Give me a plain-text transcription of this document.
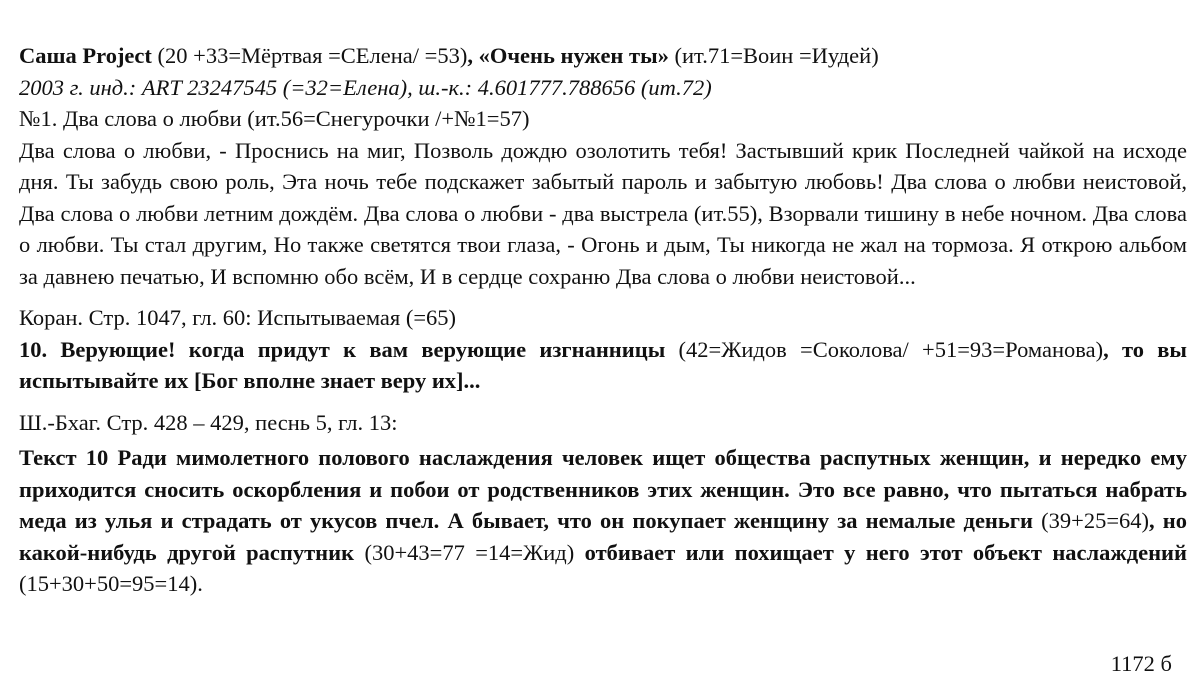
Саша Project (20 +33=Мёртвая =СЕлена/ =53), «Очень нужен ты» (ит.71=Воин =Иудей)

2003 г. инд.: ART 23247545 (=32=Елена), ш.-к.: 4.601777.788656 (ит.72)

№1. Два слова о любви (ит.56=Снегурочки /+№1=57)

Два слова о любви, - Проснись на миг, Позволь дождю озолотить тебя! Застывший крик Последней чайкой на исходе дня. Ты забудь свою роль, Эта ночь тебе подскажет забытый пароль и забытую любовь! Два слова о любви неистовой, Два слова о любви летним дождём. Два слова о любви - два выстрела (ит.55), Взорвали тишину в небе ночном. Два слова о любви. Ты стал другим, Но также светятся твои глаза, - Огонь и дым, Ты никогда не жал на тормоза. Я открою альбом за давнею печатью, И вспомню обо всём, И в сердце сохраню Два слова о любви неистовой...

Коран. Стр. 1047, гл. 60: Испытываемая (=65)

10. Верующие! когда придут к вам верующие изгнанницы (42=Жидов =Соколова/ +51=93=Романова), то вы испытывайте их [Бог вполне знает веру их]...

Ш.-Бхаг. Стр. 428 – 429, песнь 5, гл. 13:

Текст 10 Ради мимолетного полового наслаждения человек ищет общества распутных женщин, и нередко ему приходится сносить оскорбления и побои от родственников этих женщин. Это все равно, что пытаться набрать меда из улья и страдать от укусов пчел. А бывает, что он покупает женщину за немалые деньги (39+25=64), но какой-нибудь другой распутник (30+43=77 =14=Жид) отбивает или похищает у него этот объект наслаждений (15+30+50=95=14).

1172 б
